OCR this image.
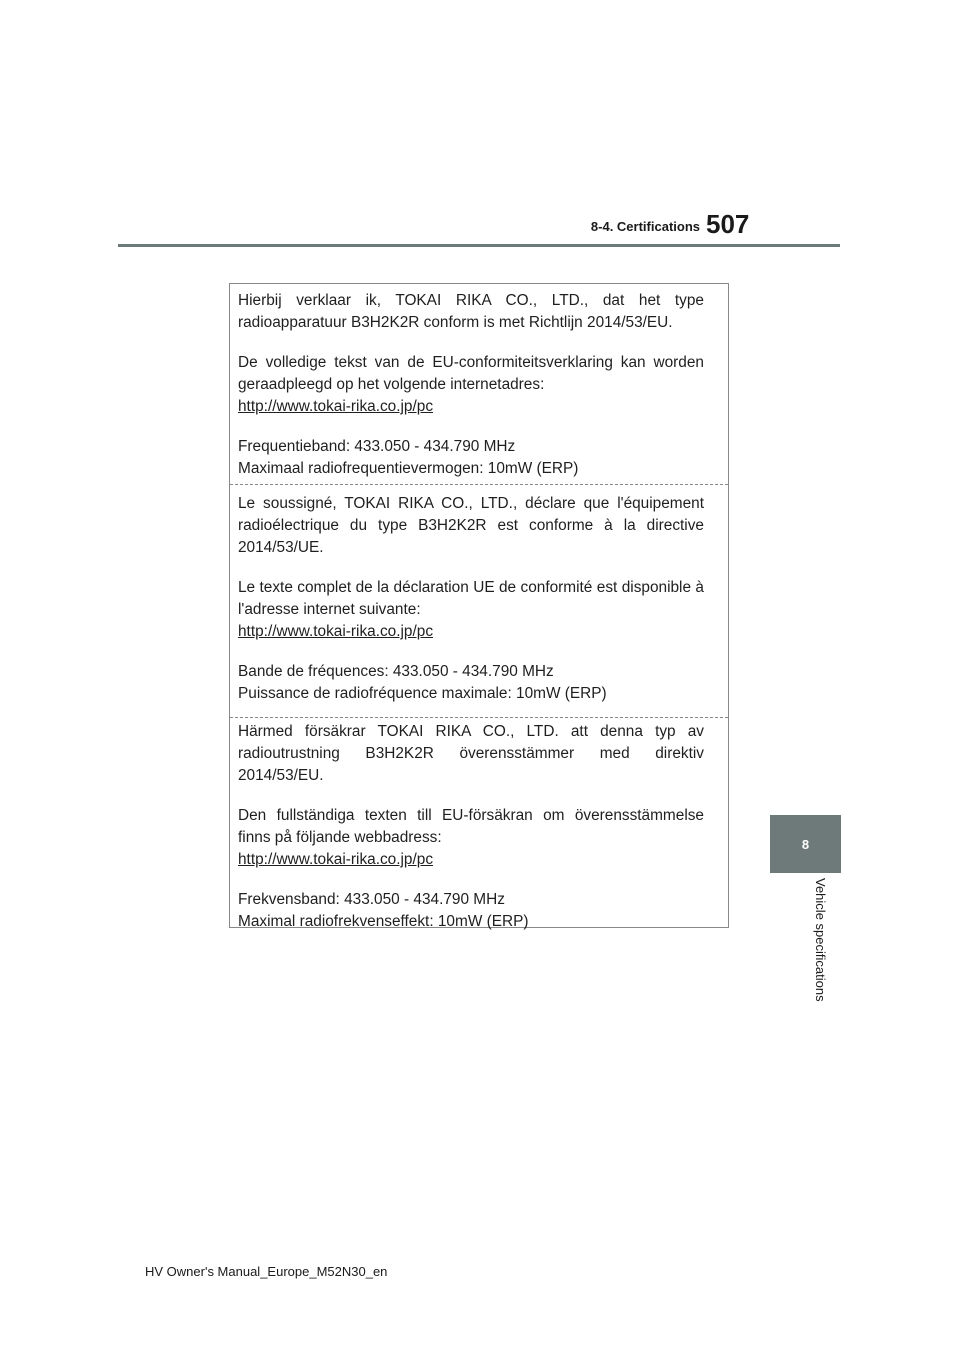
8-4. Certifications 507
8
Vehicle specifications

Hierbij verklaar ik, TOKAI RIKA CO., LTD., dat het type radioapparatuur B3H2K2R conform is met Richtlijn 2014/53/EU.

De volledige tekst van de EU-conformiteitsverklaring kan worden geraadpleegd op het volgende internetadres:
http://www.tokai-rika.co.jp/pc

Frequentieband: 433.050 - 434.790 MHz
Maximaal radiofrequentievermogen: 10mW (ERP)

Le soussigné, TOKAI RIKA CO., LTD., déclare que l'équipement radioélectrique du type B3H2K2R est conforme à la directive 2014/53/UE.

Le texte complet de la déclaration UE de conformité est disponible à l'adresse internet suivante:
http://www.tokai-rika.co.jp/pc

Bande de fréquences: 433.050 - 434.790 MHz
Puissance de radiofréquence maximale: 10mW (ERP)

Härmed försäkrar TOKAI RIKA CO., LTD. att denna typ av radioutrustning B3H2K2R överensstämmer med direktiv 2014/53/EU.

Den fullständiga texten till EU-försäkran om överensstämmelse finns på följande webbadress:
http://www.tokai-rika.co.jp/pc

Frekvensband: 433.050 - 434.790 MHz
Maximal radiofrekvenseffekt: 10mW (ERP)

HV Owner's Manual_Europe_M52N30_en
